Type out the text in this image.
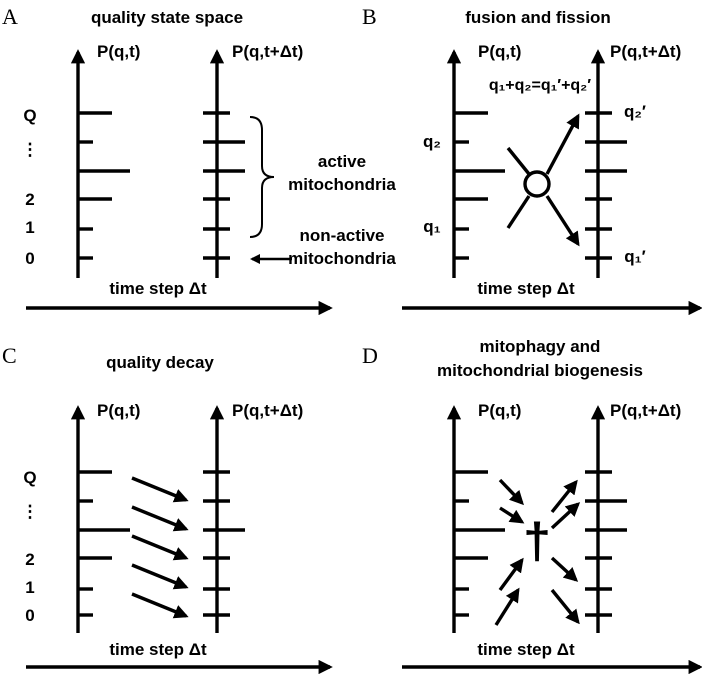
A	quality state space
P(q,t)	P(q,t+Δt)
Q
⋮
2
1
0
active
mitochondria
non-active
mitochondria
time step Δt
B	fusion and fission
P(q,t)	P(q,t+Δt)
q₁+q₂=q₁′+q₂′
q₂
q₁
q₂′
q₁′
time step Δt
C	quality decay
P(q,t)	P(q,t+Δt)
Q
⋮
2
1
0
time step Δt
D	mitophagy and
mitochondrial biogenesis
P(q,t)	P(q,t+Δt)
†
time step Δt
